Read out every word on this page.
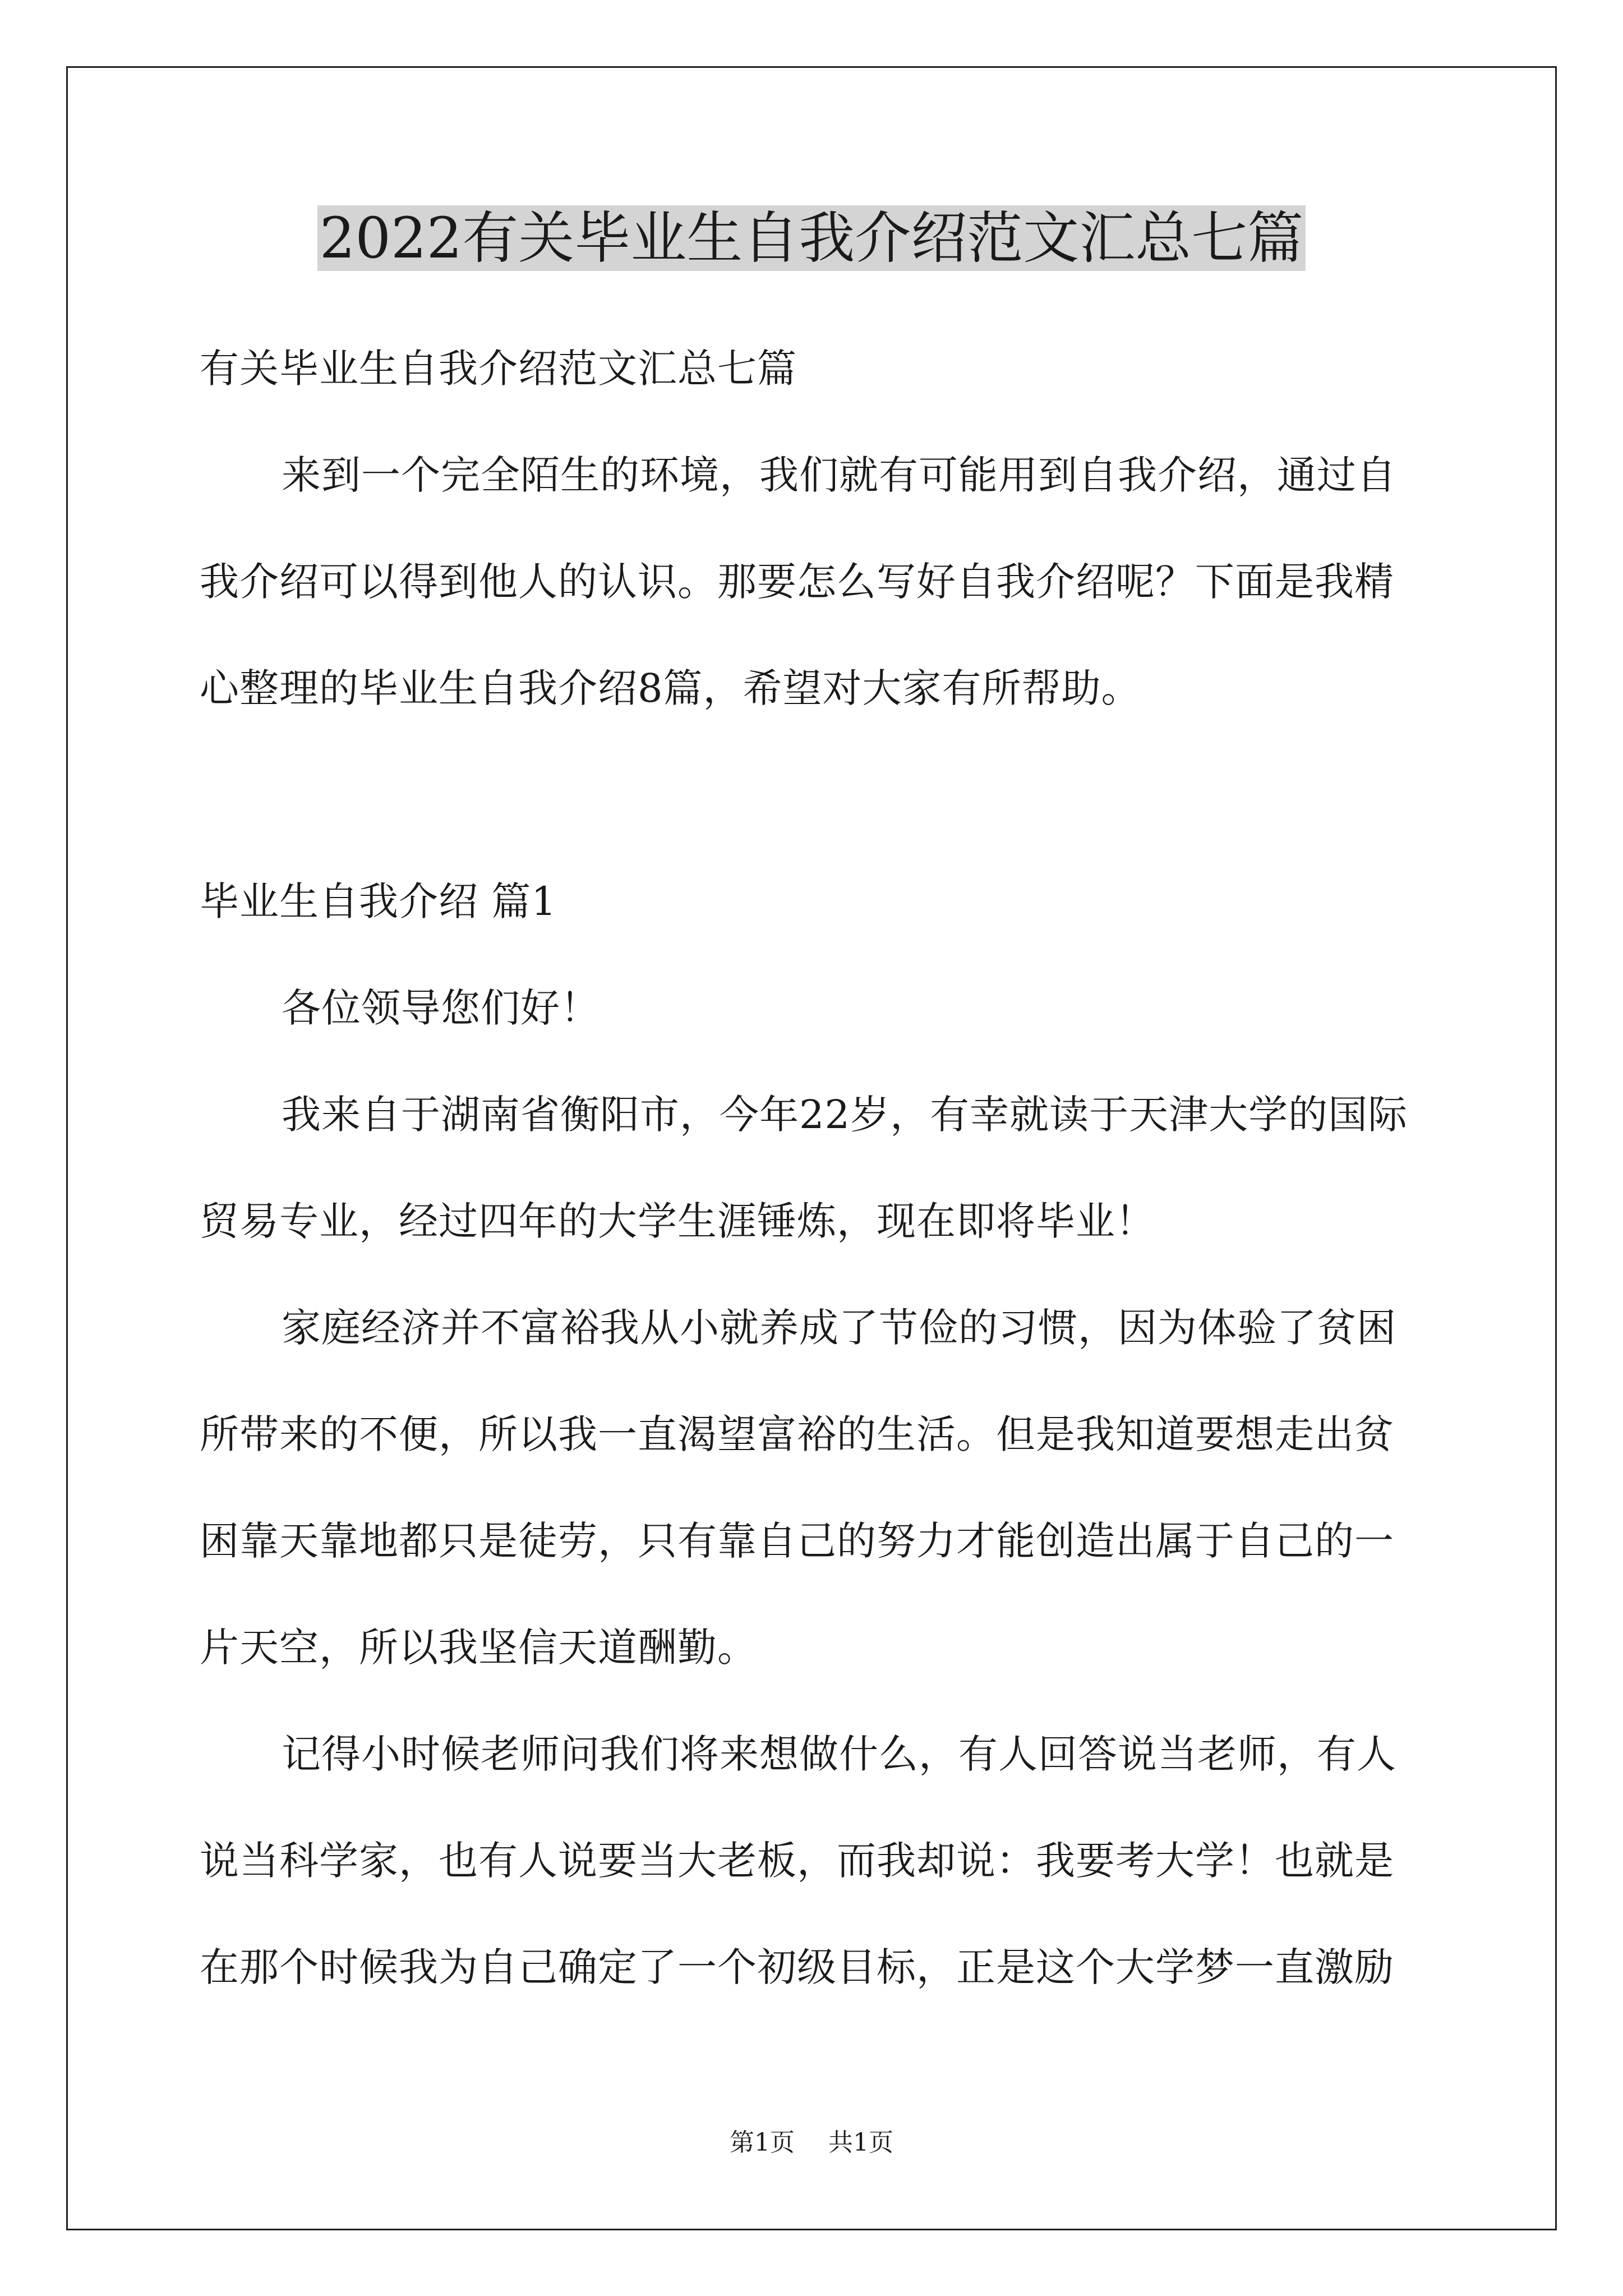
2022有关毕业生自我介绍范文汇总七篇

有关毕业生自我介绍范文汇总七篇

来到一个完全陌生的环境，我们就有可能用到自我介绍，通过自

我介绍可以得到他人的认识。那要怎么写好自我介绍呢？下面是我精

心整理的毕业生自我介绍8篇，希望对大家有所帮助。

毕业生自我介绍 篇1

各位领导您们好！

我来自于湖南省衡阳市，今年22岁，有幸就读于天津大学的国际

贸易专业，经过四年的大学生涯锤炼，现在即将毕业！

家庭经济并不富裕我从小就养成了节俭的习惯，因为体验了贫困

所带来的不便，所以我一直渴望富裕的生活。但是我知道要想走出贫

困靠天靠地都只是徒劳，只有靠自己的努力才能创造出属于自己的一

片天空，所以我坚信天道酬勤。

记得小时候老师问我们将来想做什么，有人回答说当老师，有人

说当科学家，也有人说要当大老板，而我却说：我要考大学！也就是

在那个时候我为自己确定了一个初级目标，正是这个大学梦一直激励

第1页 共1页
